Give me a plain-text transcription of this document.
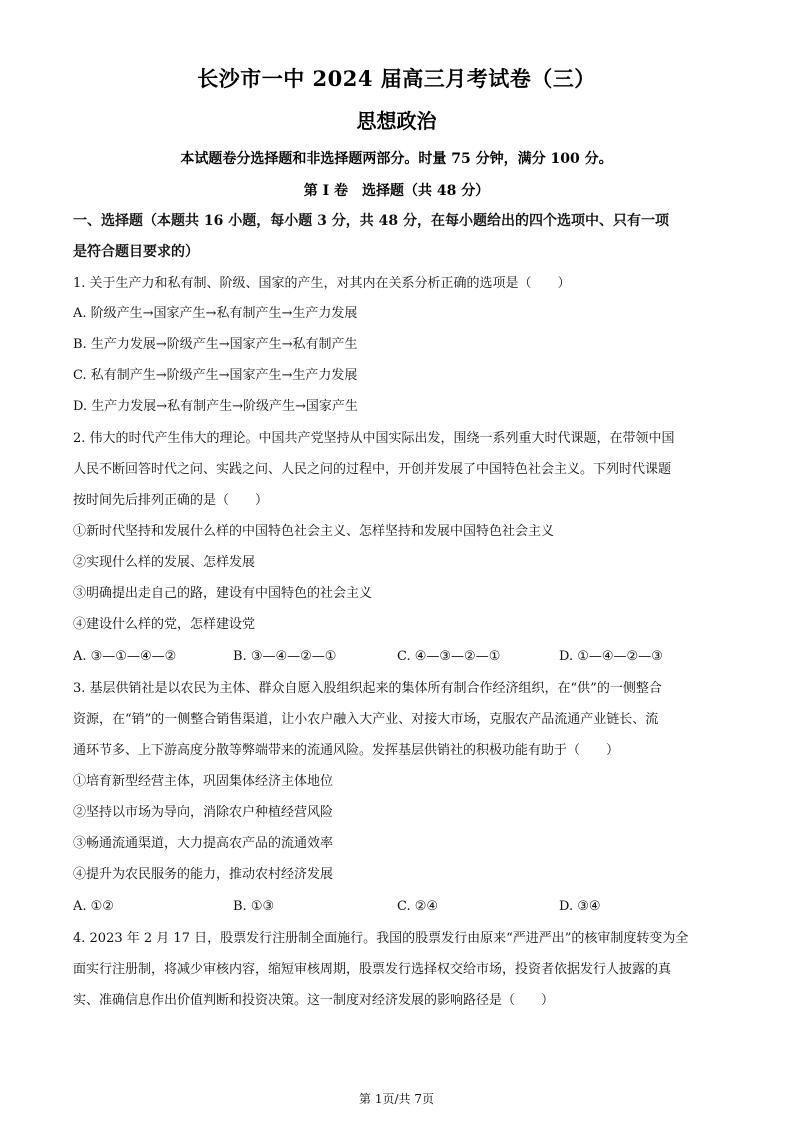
长沙市一中 2024 届高三月考试卷（三）
思想政治
本试题卷分选择题和非选择题两部分。时量 75 分钟，满分 100 分。
第 I 卷　选择题（共 48 分）
一、选择题（本题共 16 小题，每小题 3 分，共 48 分，在每小题给出的四个选项中、只有一项
是符合题目要求的）
1. 关于生产力和私有制、阶级、国家的产生，对其内在关系分析正确的选项是（　　）
A. 阶级产生→国家产生→私有制产生→生产力发展
B. 生产力发展→阶级产生→国家产生→私有制产生
C. 私有制产生→阶级产生→国家产生→生产力发展
D. 生产力发展→私有制产生→阶级产生→国家产生
2. 伟大的时代产生伟大的理论。中国共产党坚持从中国实际出发，围绕一系列重大时代课题，在带领中国
人民不断回答时代之问、实践之问、人民之问的过程中，开创并发展了中国特色社会主义。下列时代课题
按时间先后排列正确的是（　　）
①新时代坚持和发展什么样的中国特色社会主义、怎样坚持和发展中国特色社会主义
②实现什么样的发展、怎样发展
③明确提出走自己的路，建设有中国特色的社会主义
④建设什么样的党，怎样建设党
A. ③—①—④—②	B. ③—④—②—①	C. ④—③—②—①	D. ①—④—②—③
3. 基层供销社是以农民为主体、群众自愿入股组织起来的集体所有制合作经济组织，在“供”的一侧整合
资源，在“销”的一侧整合销售渠道，让小农户融入大产业、对接大市场，克服农产品流通产业链长、流
通环节多、上下游高度分散等弊端带来的流通风险。发挥基层供销社的积极功能有助于（　　）
①培育新型经营主体，巩固集体经济主体地位
②坚持以市场为导向，消除农户种植经营风险
③畅通流通渠道，大力提高农产品的流通效率
④提升为农民服务的能力，推动农村经济发展
A. ①②	B. ①③	C. ②④	D. ③④
4. 2023 年 2 月 17 日，股票发行注册制全面施行。我国的股票发行由原来“严进严出”的核审制度转变为全
面实行注册制，将减少审核内容，缩短审核周期，股票发行选择权交给市场，投资者依据发行人披露的真
实、准确信息作出价值判断和投资决策。这一制度对经济发展的影响路径是（　　）
第 1页/共 7页
